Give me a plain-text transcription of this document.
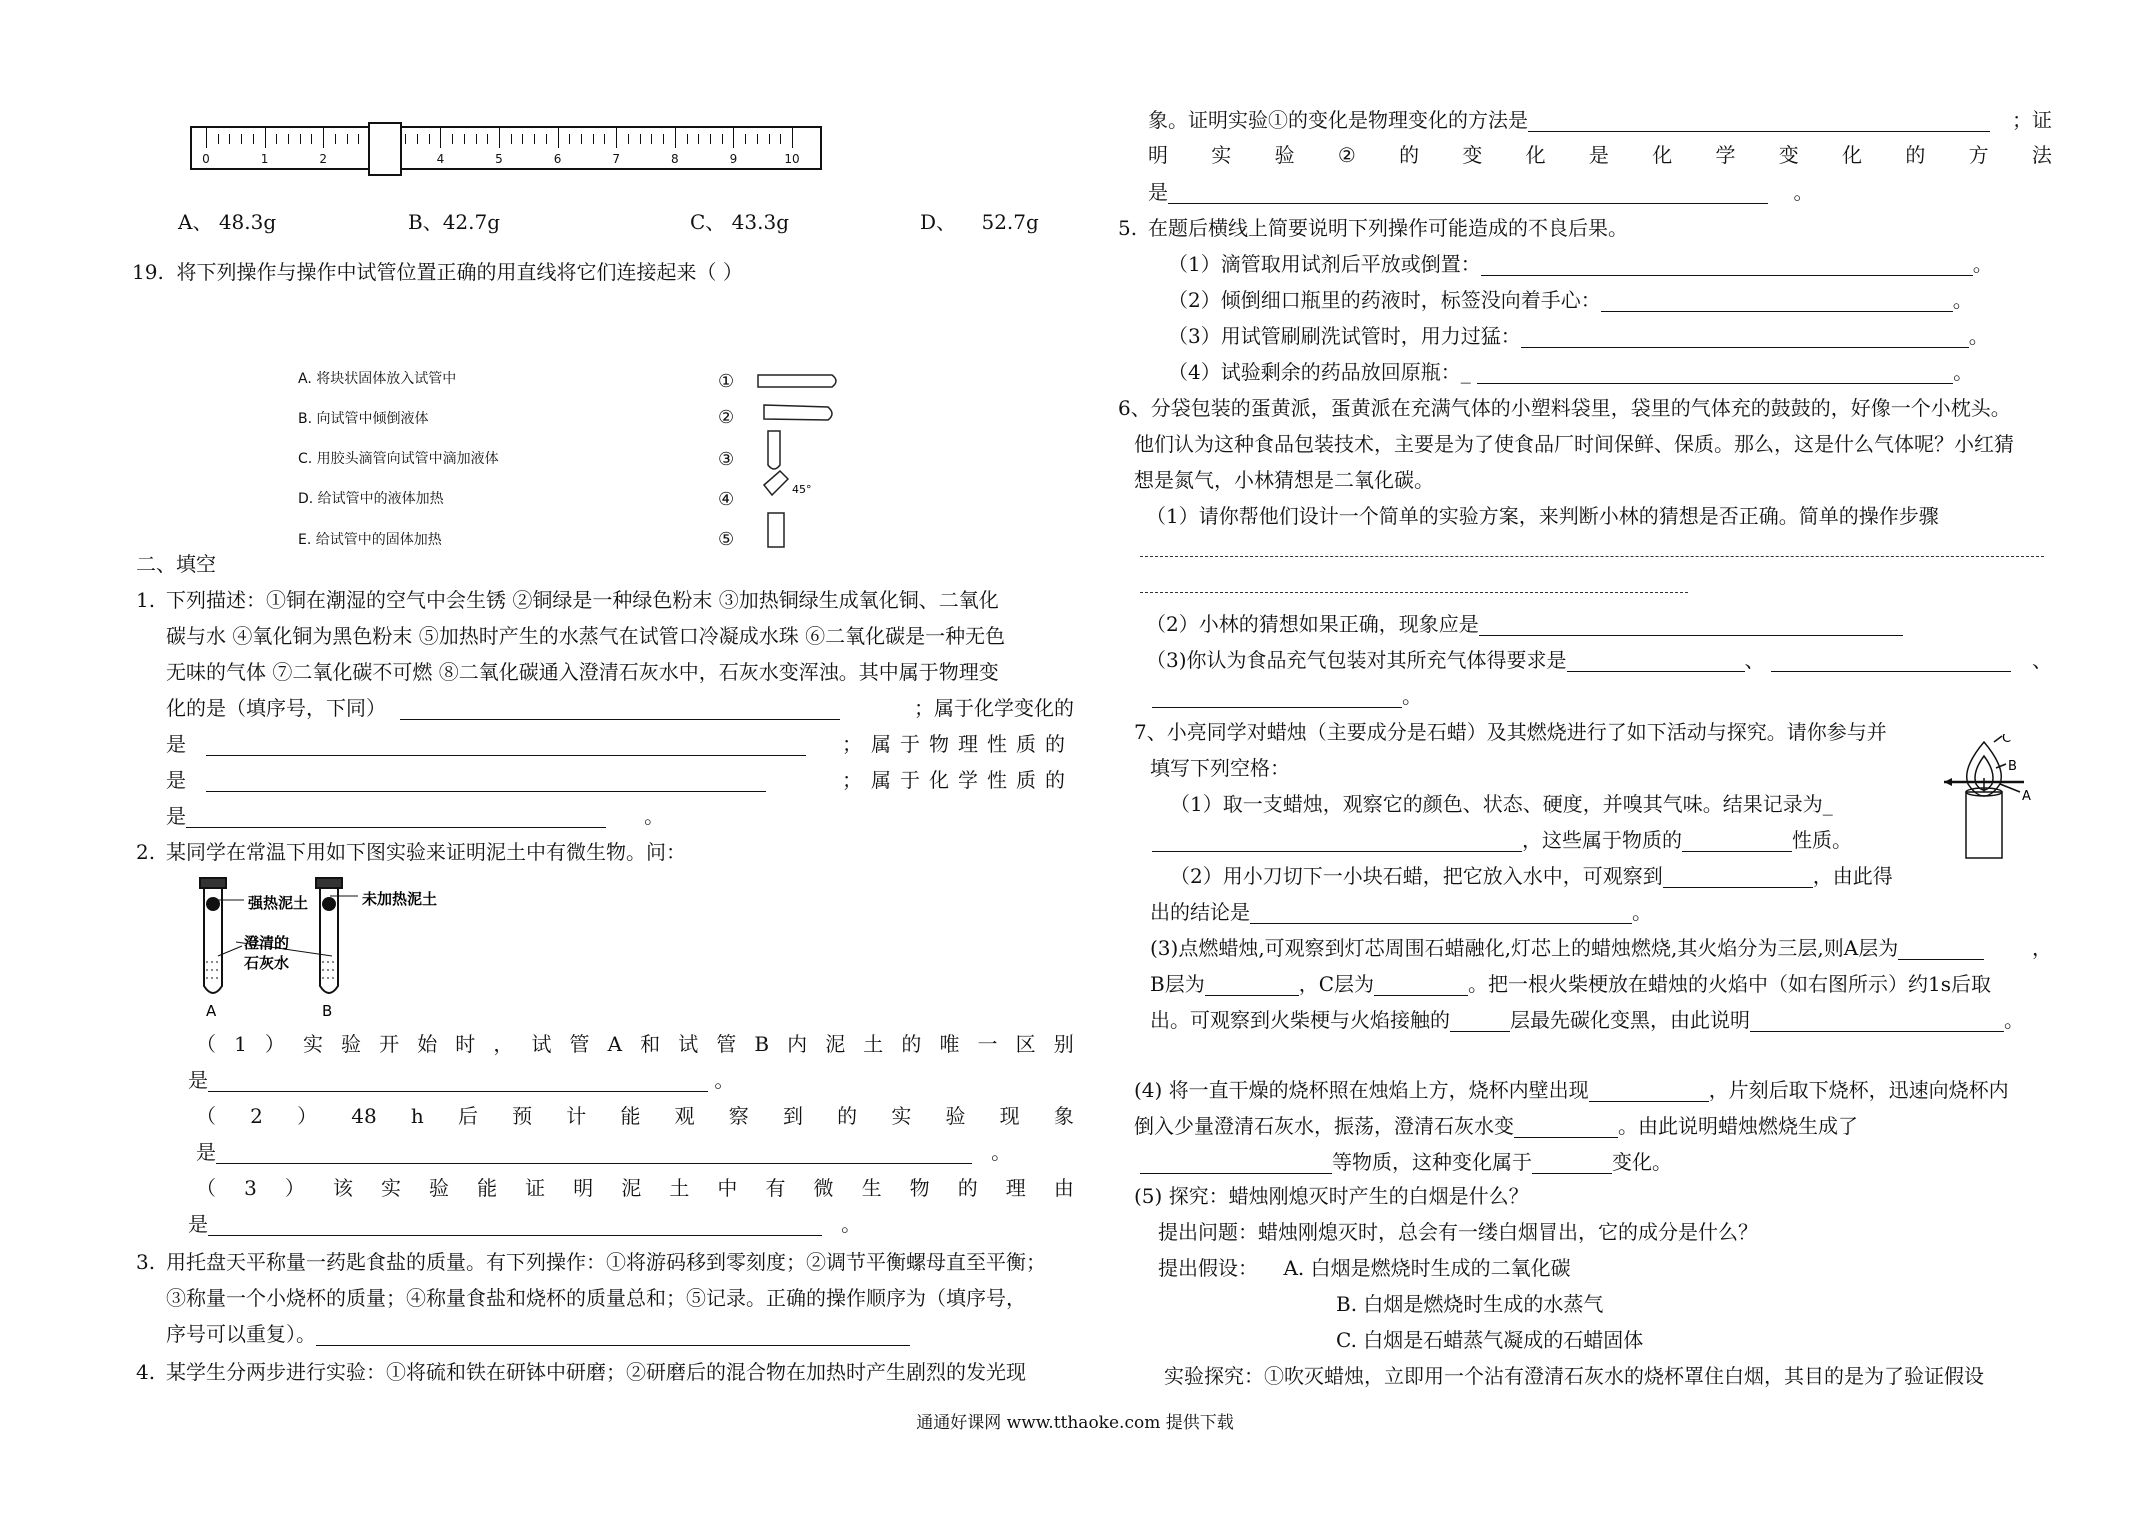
0	1	2	4	5	6	7	8	9	10
A、 48.3g	B、42.7g	C、 43.3g	D、 52.7g
19. 将下列操作与操作中试管位置正确的用直线将它们连接起来（ ）
A. 将块状固体放入试管中
B. 向试管中倾倒液体
C. 用胶头滴管向试管中滴加液体
D. 给试管中的液体加热
E. 给试管中的固体加热
①
②
③
④
⑤
45°
二、填空
1. 下列描述：①铜在潮湿的空气中会生锈 ②铜绿是一种绿色粉末 ③加热铜绿生成氧化铜、二氧化
碳与水 ④氧化铜为黑色粉末 ⑤加热时产生的水蒸气在试管口冷凝成水珠 ⑥二氧化碳是一种无色
无味的气体 ⑦二氧化碳不可燃 ⑧二氧化碳通入澄清石灰水中，石灰水变浑浊。其中属于物理变
化的是（填序号，下同）	；属于化学变化的
是	；属于物理性质的
是	；属于化学性质的
是	。
2. 某同学在常温下用如下图实验来证明泥土中有微生物。问：
强热泥土	未加热泥土
澄清的
石灰水
A	B
（ 1 ） 实 验 开 始 时 ， 试 管 A 和 试 管 B 内 泥 土 的 唯 一 区 别
是	。
（ 2 ） 48 h 后 预 计 能 观 察 到 的 实 验 现 象
是	。
（ 3 ） 该 实 验 能 证 明 泥 土 中 有 微 生 物 的 理 由
是	。
3. 用托盘天平称量一药匙食盐的质量。有下列操作：①将游码移到零刻度；②调节平衡螺母直至平衡；
③称量一个小烧杯的质量；④称量食盐和烧杯的质量总和；⑤记录。正确的操作顺序为（填序号，
序号可以重复）。
4. 某学生分两步进行实验：①将硫和铁在研钵中研磨；②研磨后的混合物在加热时产生剧烈的发光现
象。证明实验①的变化是物理变化的方法是	；证
明 实 验 ② 的 变 化 是 化 学 变 化 的 方 法
是	。
5. 在题后横线上简要说明下列操作可能造成的不良后果。
（1）滴管取用试剂后平放或倒置：	。
（2）倾倒细口瓶里的药液时，标签没向着手心：	。
（3）用试管刷刷洗试管时，用力过猛：	。
（4）试验剩余的药品放回原瓶：_	。
6、分袋包装的蛋黄派，蛋黄派在充满气体的小塑料袋里，袋里的气体充的鼓鼓的，好像一个小枕头。
他们认为这种食品包装技术，主要是为了使食品厂时间保鲜、保质。那么，这是什么气体呢？小红猜
想是氮气，小林猜想是二氧化碳。
（1）请你帮他们设计一个简单的实验方案，来判断小林的猜想是否正确。简单的操作步骤
（2）小林的猜想如果正确，现象应是
（3)你认为食品充气包装对其所充气体得要求是	、	、
。
7、小亮同学对蜡烛（主要成分是石蜡）及其燃烧进行了如下活动与探究。请你参与并
填写下列空格：
（1）取一支蜡烛，观察它的颜色、状态、硬度，并嗅其气味。结果记录为_
，这些属于物质的	性质。
（2）用小刀切下一小块石蜡，把它放入水中，可观察到	，由此得
出的结论是	。
C
B
A
(3)点燃蜡烛,可观察到灯芯周围石蜡融化,灯芯上的蜡烛燃烧,其火焰分为三层,则A层为	，
B层为	，C层为	。把一根火柴梗放在蜡烛的火焰中（如右图所示）约1s后取
出。可观察到火柴梗与火焰接触的	层最先碳化变黑，由此说明	。
(4) 将一直干燥的烧杯照在烛焰上方，烧杯内壁出现	，片刻后取下烧杯，迅速向烧杯内
倒入少量澄清石灰水，振荡，澄清石灰水变	。由此说明蜡烛燃烧生成了
等物质，这种变化属于	变化。
(5) 探究：蜡烛刚熄灭时产生的白烟是什么？
提出问题：蜡烛刚熄灭时，总会有一缕白烟冒出，它的成分是什么？
提出假设： A. 白烟是燃烧时生成的二氧化碳
B. 白烟是燃烧时生成的水蒸气
C. 白烟是石蜡蒸气凝成的石蜡固体
实验探究：①吹灭蜡烛，立即用一个沾有澄清石灰水的烧杯罩住白烟，其目的是为了验证假设
通通好课网 www.tthaoke.com 提供下载
